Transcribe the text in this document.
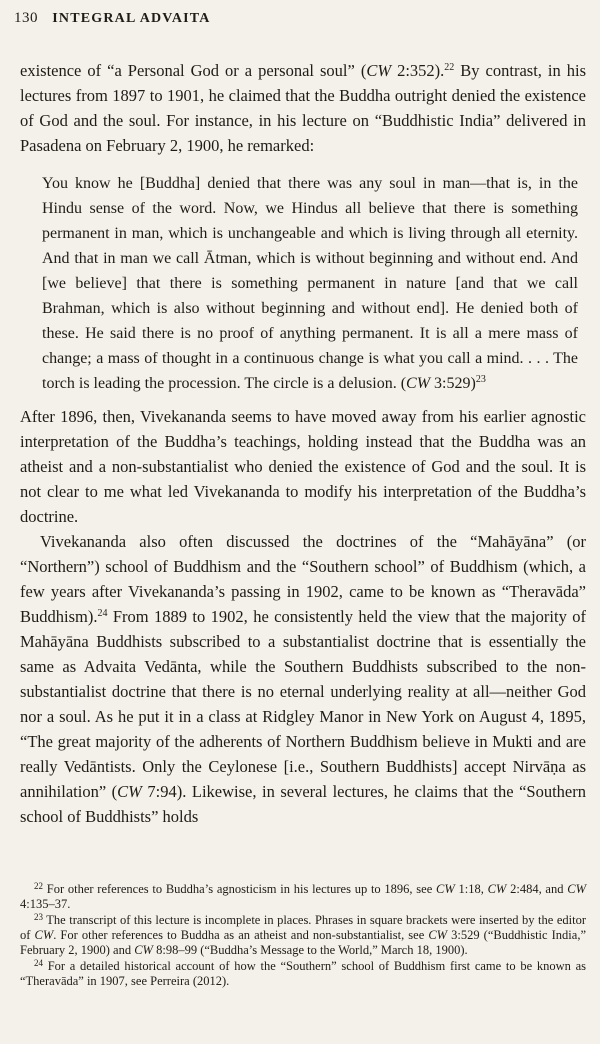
130 INTEGRAL ADVAITA

existence of “a Personal God or a personal soul” (CW 2:352).$^{22}$ By contrast, in his lectures from 1897 to 1901, he claimed that the Buddha outright denied the existence of God and the soul. For instance, in his lecture on “Buddhistic India” delivered in Pasadena on February 2, 1900, he remarked:

You know he [Buddha] denied that there was any soul in man—that is, in the Hindu sense of the word. Now, we Hindus all believe that there is something permanent in man, which is unchangeable and which is living through all eternity. And that in man we call Ātman, which is without beginning and without end. And [we believe] that there is something permanent in nature [and that we call Brahman, which is also without beginning and without end]. He denied both of these. He said there is no proof of anything permanent. It is all a mere mass of change; a mass of thought in a continuous change is what you call a mind. . . . The torch is leading the procession. The circle is a delusion. (CW 3:529)$^{23}$

After 1896, then, Vivekananda seems to have moved away from his earlier agnostic interpretation of the Buddha’s teachings, holding instead that the Buddha was an atheist and a non-substantialist who denied the existence of God and the soul. It is not clear to me what led Vivekananda to modify his interpretation of the Buddha’s doctrine.

Vivekananda also often discussed the doctrines of the “Mahāyāna” (or “Northern”) school of Buddhism and the “Southern school” of Buddhism (which, a few years after Vivekananda’s passing in 1902, came to be known as “Theravāda” Buddhism).$^{24}$ From 1889 to 1902, he consistently held the view that the majority of Mahāyāna Buddhists subscribed to a substantialist doctrine that is essentially the same as Advaita Vedānta, while the Southern Buddhists subscribed to the non-substantialist doctrine that there is no eternal underlying reality at all—neither God nor a soul. As he put it in a class at Ridgley Manor in New York on August 4, 1895, “The great majority of the adherents of Northern Buddhism believe in Mukti and are really Vedāntists. Only the Ceylonese [i.e., Southern Buddhists] accept Nirvāṇa as annihilation” (CW 7:94). Likewise, in several lectures, he claims that the “Southern school of Buddhists” holds

$^{22}$ For other references to Buddha’s agnosticism in his lectures up to 1896, see CW 1:18, CW 2:484, and CW 4:135–37.

$^{23}$ The transcript of this lecture is incomplete in places. Phrases in square brackets were inserted by the editor of CW. For other references to Buddha as an atheist and non-substantialist, see CW 3:529 (“Buddhistic India,” February 2, 1900) and CW 8:98–99 (“Buddha’s Message to the World,” March 18, 1900).

$^{24}$ For a detailed historical account of how the “Southern” school of Buddhism first came to be known as “Theravāda” in 1907, see Perreira (2012).
